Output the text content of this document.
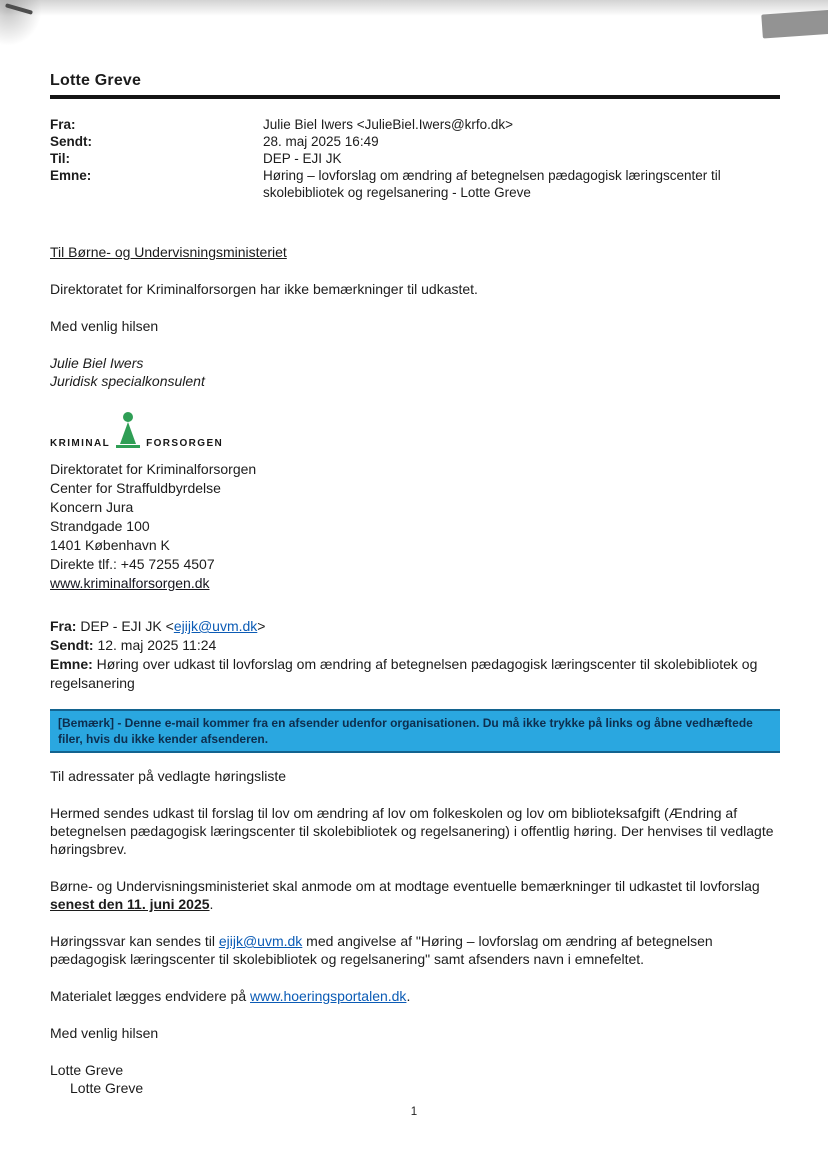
Lotte Greve
Fra:	Julie Biel Iwers <JulieBiel.Iwers@krfo.dk>
Sendt:	28. maj 2025 16:49
Til:	DEP - EJI JK
Emne:	Høring – lovforslag om ændring af betegnelsen pædagogisk læringscenter til skolebibliotek og regelsanering - Lotte Greve

Til Børne- og Undervisningsministeriet

Direktoratet for Kriminalforsorgen har ikke bemærkninger til udkastet.

Med venlig hilsen

Julie Biel Iwers

Juridisk specialkonsulent

KRIMINAL	FORSORGEN
Direktoratet for Kriminalforsorgen
Center for Straffuldbyrdelse
Koncern Jura
Strandgade 100
1401 København K
Direkte tlf.: +45 7255 4507
www.kriminalforsorgen.dk
Fra: DEP - EJI JK <ejijk@uvm.dk>
Sendt: 12. maj 2025 11:24
Emne: Høring over udkast til lovforslag om ændring af betegnelsen pædagogisk læringscenter til skolebibliotek og regelsanering
[Bemærk] - Denne e-mail kommer fra en afsender udenfor organisationen. Du må ikke trykke på links og åbne vedhæftede filer, hvis du ikke kender afsenderen.

Til adressater på vedlagte høringsliste

Hermed sendes udkast til forslag til lov om ændring af lov om folkeskolen og lov om biblioteksafgift (Ændring af betegnelsen pædagogisk læringscenter til skolebibliotek og regelsanering) i offentlig høring. Der henvises til vedlagte høringsbrev.

Børne- og Undervisningsministeriet skal anmode om at modtage eventuelle bemærkninger til udkastet til lovforslag senest den 11. juni 2025.

Høringssvar kan sendes til ejijk@uvm.dk med angivelse af "Høring – lovforslag om ændring af betegnelsen pædagogisk læringscenter til skolebibliotek og regelsanering" samt afsenders navn i emnefeltet.

Materialet lægges endvidere på www.hoeringsportalen.dk.

Med venlig hilsen

Lotte Greve

Lotte Greve
1
